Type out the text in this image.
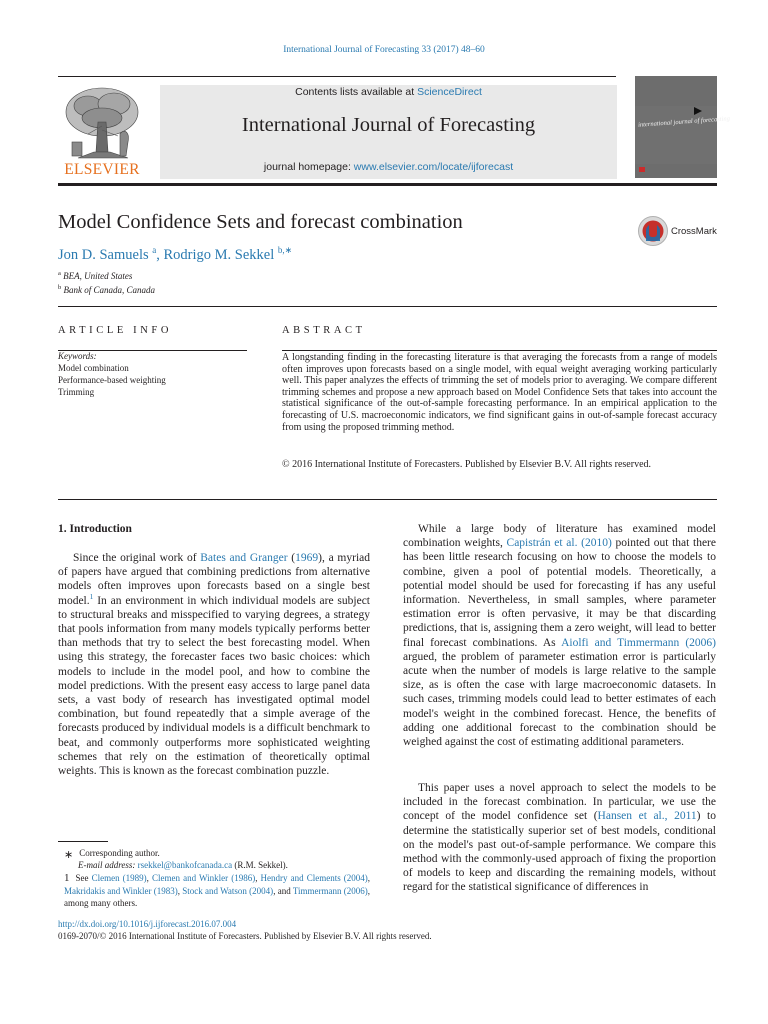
International Journal of Forecasting 33 (2017) 48–60
Contents lists available at ScienceDirect
International Journal of Forecasting
journal homepage: www.elsevier.com/locate/ijforecast
ELSEVIER
international journal of forecasting
Model Confidence Sets and forecast combination	CrossMark
Jon D. Samuels $^a$, Rodrigo M. Sekkel $^{b,∗}$
$^a$ BEA, United States
$^b$ Bank of Canada, Canada
ARTICLE INFO	ABSTRACT
Keywords:
Model combination
Performance-based weighting
Trimming
A longstanding finding in the forecasting literature is that averaging the forecasts from a range of models often improves upon forecasts based on a single model, with equal weight averaging working particularly well. This paper analyzes the effects of trimming the set of models prior to averaging. We compare different trimming schemes and propose a new approach based on Model Confidence Sets that takes into account the statistical significance of the out-of-sample forecasting performance. In an empirical application to the forecasting of U.S. macroeconomic indicators, we find significant gains in out-of-sample forecast accuracy from using the proposed trimming method.
© 2016 International Institute of Forecasters. Published by Elsevier B.V. All rights reserved.
1. Introduction
Since the original work of Bates and Granger (1969), a myriad of papers have argued that combining predictions from alternative models often improves upon forecasts based on a single best model.$^1$ In an environment in which individual models are subject to structural breaks and misspecified to varying degrees, a strategy that pools information from many models typically performs better than methods that try to select the best forecasting model. When using this strategy, the forecaster faces two basic choices: which models to include in the model pool, and how to combine the model predictions. With the present easy access to large panel data sets, a vast body of research has investigated optimal model combination, but found repeatedly that a simple average of the forecasts produced by individual models is a difficult benchmark to beat, and commonly outperforms more sophisticated weighting schemes that rely on the estimation of theoretically optimal weights. This is known as the forecast combination puzzle.
While a large body of literature has examined model combination weights, Capistrán et al. (2010) pointed out that there has been little research focusing on how to choose the models to combine, given a pool of potential models. Theoretically, a potential model should be used for forecasting if has any useful information. Nevertheless, in small samples, where parameter estimation error is often pervasive, it may be that discarding predictions, that is, assigning them a zero weight, will lead to better final forecast combinations. As Aiolfi and Timmermann (2006) argued, the problem of parameter estimation error is particularly acute when the number of models is large relative to the sample size, as is often the case with large macroeconomic datasets. In such cases, trimming models could lead to better estimates of each model's weight in the combined forecast. Hence, the benefits of adding one additional forecast to the combination should be weighed against the cost of estimating additional parameters.
This paper uses a novel approach to select the models to be included in the forecast combination. In particular, we use the concept of the model confidence set (Hansen et al., 2011) to determine the statistically superior set of best models, conditional on the model's past out-of-sample performance. We compare this method with the commonly-used approach of fixing the proportion of models to keep and discarding the remaining models, without regard for the statistical significance of differences in
∗ Corresponding author.
E-mail address: rsekkel@bankofcanada.ca (R.M. Sekkel).
1 See Clemen (1989), Clemen and Winkler (1986), Hendry and Clements (2004), Makridakis and Winkler (1983), Stock and Watson (2004), and Timmermann (2006), among many others.
http://dx.doi.org/10.1016/j.ijforecast.2016.07.004
0169-2070/© 2016 International Institute of Forecasters. Published by Elsevier B.V. All rights reserved.
